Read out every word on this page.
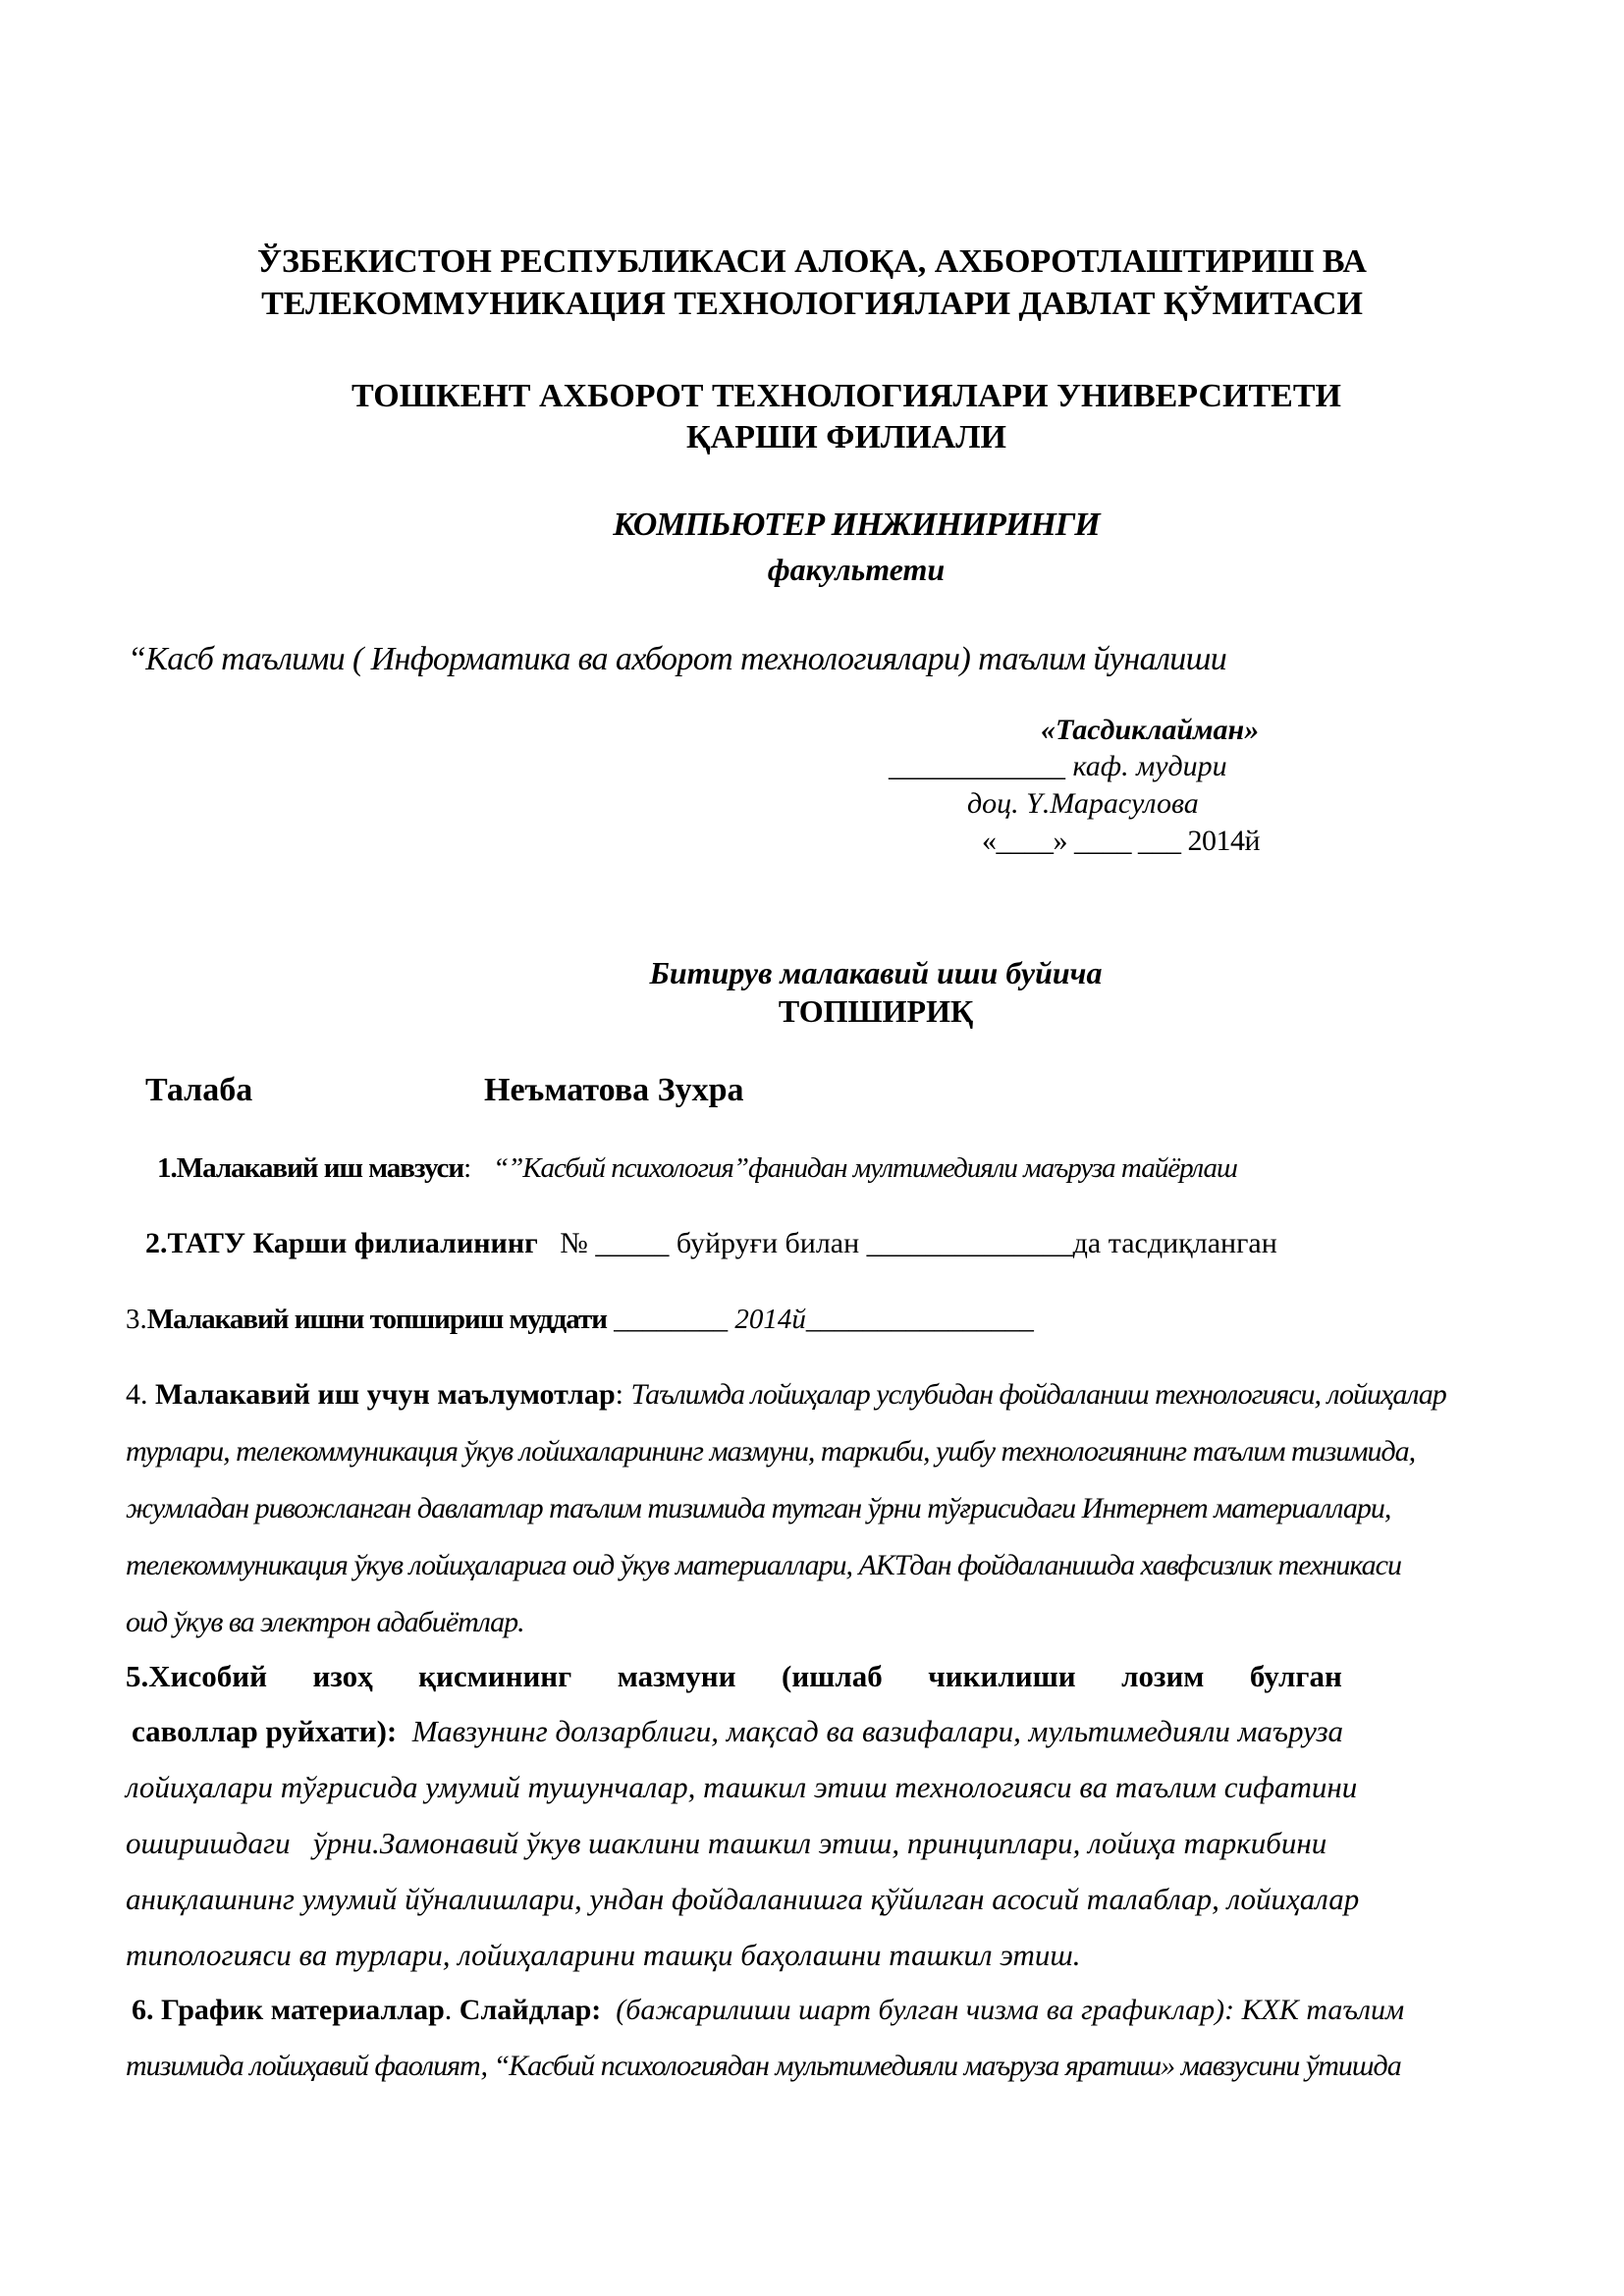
ЎЗБЕКИСТОН РЕСПУБЛИКАСИ АЛОҚА, АХБОРОТЛАШТИРИШ ВА
ТЕЛЕКОММУНИКАЦИЯ ТЕХНОЛОГИЯЛАРИ ДАВЛАТ ҚЎМИТАСИ
ТОШКЕНТ АХБОРОТ ТЕХНОЛОГИЯЛАРИ УНИВЕРСИТЕТИ
ҚАРШИ ФИЛИАЛИ
КОМПЬЮТЕР ИНЖИНИРИНГИ
факультети
“Касб таълими ( Информатика ва ахборот технологиялари) таълим йуналиши
«Тасдиклайман»
____________ каф. мудири
доц. Ү.Марасулова
«____» ____ ___ 2014й
Битирув малакавий иши буйича
ТОПШИРИҚ
Талаба	Неъматова Зухра
1.Малакавий иш мавзуси: “”Касбий психология”фанидан мултимедияли маъруза тайёрлаш
2.ТАТУ Карши филиалининг № _____ буйруғи билан ______________да тасдиқланган
3.Малакавий ишни топшириш муддати ________ 2014й________________
4. Малакавий иш учун маълумотлар: Таълимда лойиҳалар услубидан фойдаланиш технологияси, лойиҳалар
турлари, телекоммуникация ўкув лойихаларининг мазмуни, таркиби, ушбу технологиянинг таълим тизимида,
жумладан ривожланган давлатлар таълим тизимида тутган ўрни тўғрисидаги Интернет материаллари,
телекоммуникация ўкув лойиҳаларига оид ўкув материаллари, АКТдан фойдаланишда хавфсизлик техникаси
оид ўкув ва электрон адабиётлар.
5.Хисобий      изоҳ      қисмининг      мазмуни      (ишлаб      чикилиши      лозим      булган
саволлар руйхати): Мавзунинг долзарблиги, мақсад ва вазифалари, мультимедияли маъруза
лойиҳалари тўғрисида умумий тушунчалар, ташкил этиш технологияси ва таълим сифатини
оширишдаги   ўрни.Замонавий ўкув шаклини ташкил этиш, принциплари, лойиҳа таркибини
аниқлашнинг умумий йўналишлари, ундан фойдаланишга қўйилган асосий талаблар, лойиҳалар
типологияси ва турлари, лойиҳаларини ташқи баҳолашни ташкил этиш.
6. График материаллар. Слайдлар:  (бажарилиши шарт булган чизма ва графиклар): КХК таълим
тизимида лойиҳавий фаолият, “Касбий психологиядан мультимедияли маъруза яратиш» мавзусини ўтишда
